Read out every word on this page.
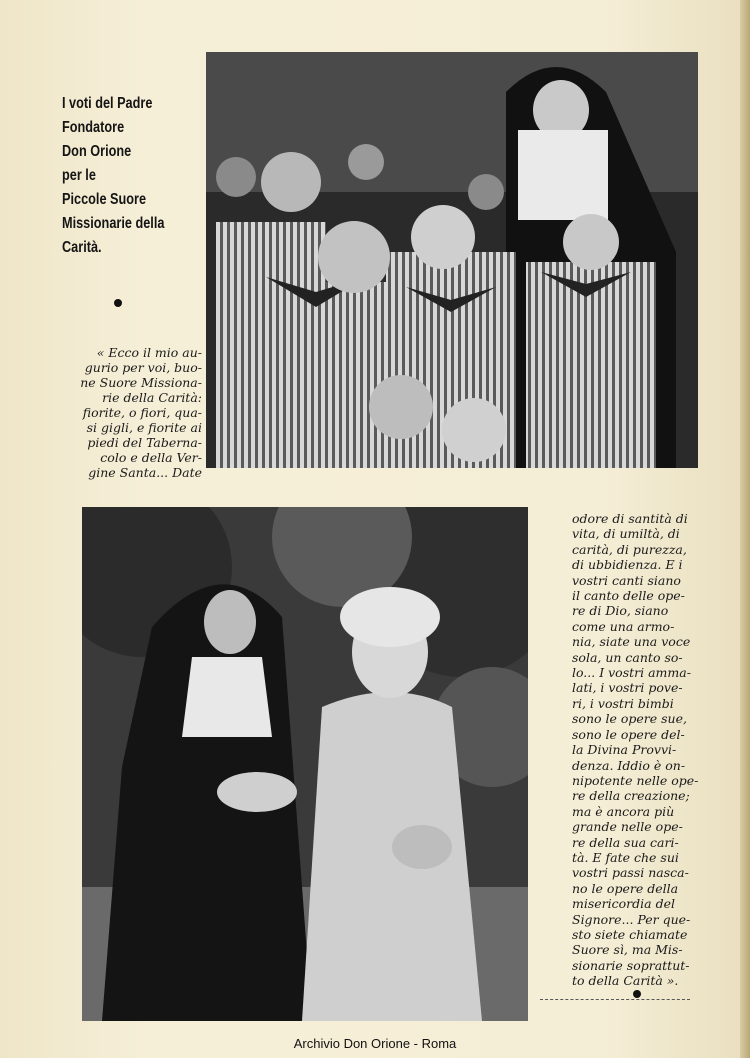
I voti del Padre
Fondatore
Don Orione
per le
Piccole Suore
Missionarie della
Carità.
« Ecco il mio au-
gurio per voi, buo-
ne Suore Missiona-
rie della Carità:
fiorite, o fiori, qua-
si gigli, e fiorite ai
piedi del Taberna-
colo e della Ver-
gine Santa... Date
odore di santità di
vita, di umiltà, di
carità, di purezza,
di ubbidienza. E i
vostri canti siano
il canto delle ope-
re di Dio, siano
come una armo-
nia, siate una voce
sola, un canto so-
lo... I vostri amma-
lati, i vostri pove-
ri, i vostri bimbi
sono le opere sue,
sono le opere del-
la Divina Provvi-
denza. Iddio è on-
nipotente nelle ope-
re della creazione;
ma è ancora più
grande nelle ope-
re della sua cari-
tà. E fate che sui
vostri passi nasca-
no le opere della
misericordia del
Signore... Per que-
sto siete chiamate
Suore sì, ma Mis-
sionarie soprattut-
to della Carità ».
Archivio Don Orione - Roma
